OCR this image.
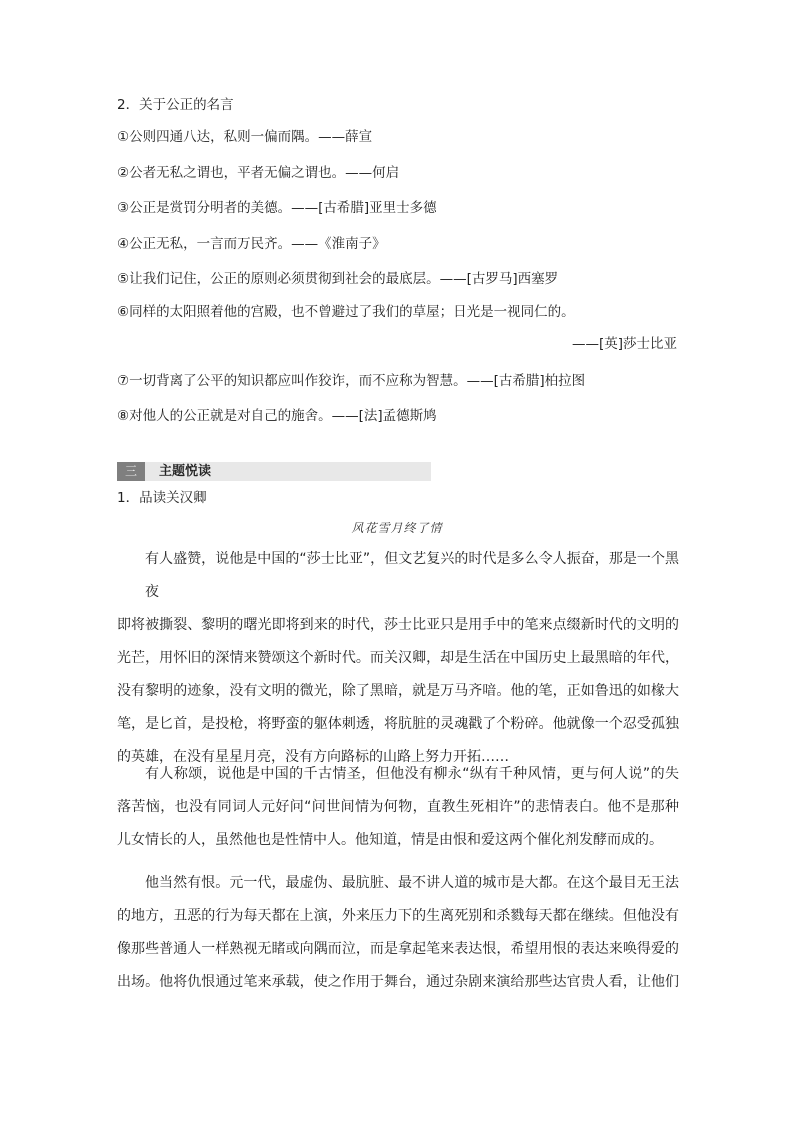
2．关于公正的名言
①公则四通八达，私则一偏而隅。——薛宣
②公者无私之谓也，平者无偏之谓也。——何启
③公正是赏罚分明者的美德。——[古希腊]亚里士多德
④公正无私，一言而万民齐。——《淮南子》
⑤让我们记住，公正的原则必须贯彻到社会的最底层。——[古罗马]西塞罗
⑥同样的太阳照着他的宫殿，也不曾避过了我们的草屋；日光是一视同仁的。
——[英]莎士比亚
⑦一切背离了公平的知识都应叫作狡诈，而不应称为智慧。——[古希腊]柏拉图
⑧对他人的公正就是对自己的施舍。——[法]孟德斯鸠
三	主题悦读
1．品读关汉卿
风花雪月终了情
有人盛赞，说他是中国的“莎士比亚”，但文艺复兴的时代是多么令人振奋，那是一个黑夜
即将被撕裂、黎明的曙光即将到来的时代，莎士比亚只是用手中的笔来点缀新时代的文明的
光芒，用怀旧的深情来赞颂这个新时代。而关汉卿，却是生活在中国历史上最黑暗的年代，
没有黎明的迹象，没有文明的微光，除了黑暗，就是万马齐喑。他的笔，正如鲁迅的如椽大
笔，是匕首，是投枪，将野蛮的躯体刺透，将肮脏的灵魂戳了个粉碎。他就像一个忍受孤独
的英雄，在没有星星月亮，没有方向路标的山路上努力开拓……
有人称颂，说他是中国的千古情圣，但他没有柳永“纵有千种风情，更与何人说”的失
落苦恼，也没有同词人元好问“问世间情为何物，直教生死相许”的悲情表白。他不是那种
儿女情长的人，虽然他也是性情中人。他知道，情是由恨和爱这两个催化剂发酵而成的。
他当然有恨。元一代，最虚伪、最肮脏、最不讲人道的城市是大都。在这个最目无王法
的地方，丑恶的行为每天都在上演，外来压力下的生离死别和杀戮每天都在继续。但他没有
像那些普通人一样熟视无睹或向隅而泣，而是拿起笔来表达恨，希望用恨的表达来唤得爱的
出场。他将仇恨通过笔来承载，使之作用于舞台，通过杂剧来演给那些达官贵人看，让他们
